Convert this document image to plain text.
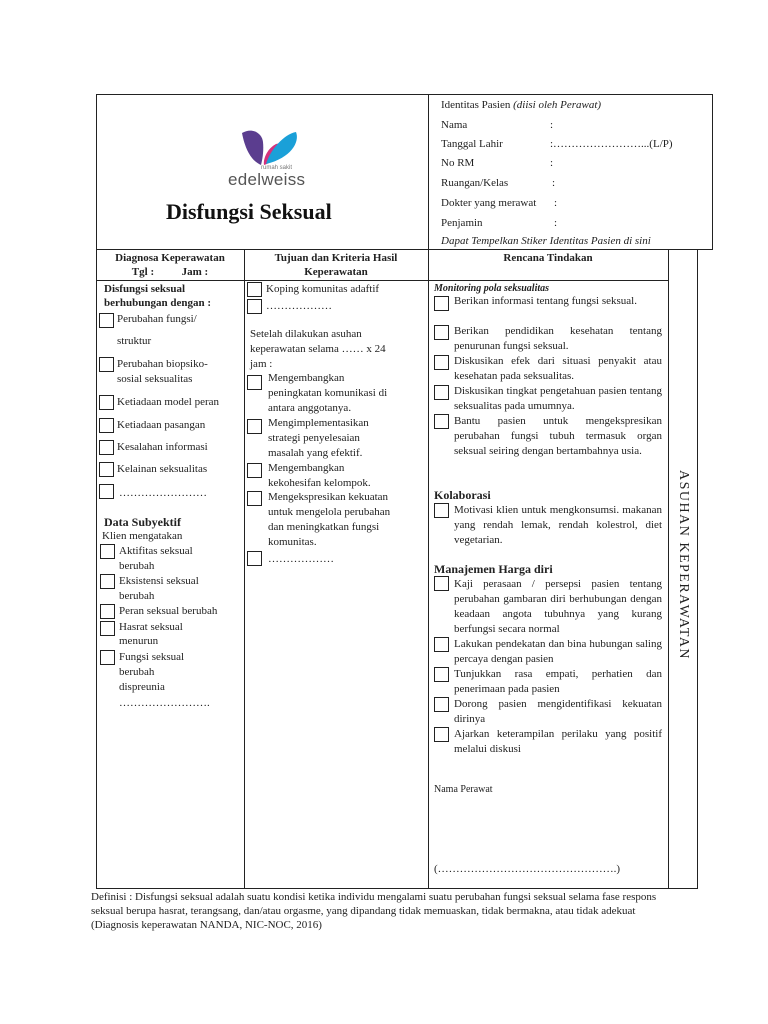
rumah sakit
edelweiss
Disfungsi Seksual
Identitas Pasien (diisi oleh Perawat)
Nama	:
Tanggal Lahir	:……………………...(L/P)
No RM	:
Ruangan/Kelas	:
Dokter yang merawat :
Penjamin	:
Dapat Tempelkan Stiker Identitas Pasien di sini
Diagnosa Keperawatan
Tgl :          Jam :
Tujuan dan Kriteria Hasil
Keperawatan
Rencana Tindakan
ASUHAN KEPERAWATAN
Disfungsi seksual
berhubungan dengan :
Perubahan fungsi/
struktur
Perubahan biopsiko-
sosial seksualitas
Ketiadaan model peran
Ketiadaan pasangan
Kesalahan informasi
Kelainan seksualitas
……………………
Data Subyektif
Klien mengatakan
Aktifitas seksual
berubah
Eksistensi seksual
berubah
Peran seksual berubah
Hasrat seksual
menurun
Fungsi seksual
berubah
dispreunia
…………………….
Koping komunitas adaftif
………………
Setelah dilakukan asuhan
keperawatan selama …… x 24
jam :
Mengembangkan
peningkatan komunikasi di
antara anggotanya.
Mengimplementasikan
strategi penyelesaian
masalah yang efektif.
Mengembangkan
kekohesifan kelompok.
Mengekspresikan kekuatan
untuk mengelola perubahan
dan meningkatkan fungsi
komunitas.
………………
Monitoring pola seksualitas
Berikan informasi tentang fungsi seksual.
Berikan pendidikan kesehatan tentang penurunan fungsi seksual.
Diskusikan efek dari situasi penyakit atau kesehatan pada seksualitas.
Diskusikan tingkat pengetahuan pasien tentang seksualitas pada umumnya.
Bantu pasien untuk mengekspresikan perubahan fungsi tubuh termasuk organ seksual seiring dengan bertambahnya usia.
Kolaborasi
Motivasi klien untuk mengkonsumsi. makanan yang rendah lemak, rendah kolestrol, diet vegetarian.
Manajemen Harga diri
Kaji perasaan / persepsi pasien tentang perubahan gambaran diri berhubungan dengan keadaan angota tubuhnya yang kurang berfungsi secara normal
Lakukan pendekatan dan bina hubungan saling percaya dengan pasien
Tunjukkan rasa empati, perhatien dan penerimaan pada pasien
Dorong pasien mengidentifikasi kekuatan dirinya
Ajarkan keterampilan perilaku yang positif melalui diskusi
Nama Perawat
(………………………………………….)
Definisi : Disfungsi seksual adalah suatu kondisi ketika individu mengalami suatu perubahan fungsi seksual selama fase respons
seksual berupa hasrat, terangsang, dan/atau orgasme, yang dipandang tidak memuaskan, tidak bermakna, atau tidak adekuat
(Diagnosis keperawatan NANDA, NIC-NOC, 2016)
